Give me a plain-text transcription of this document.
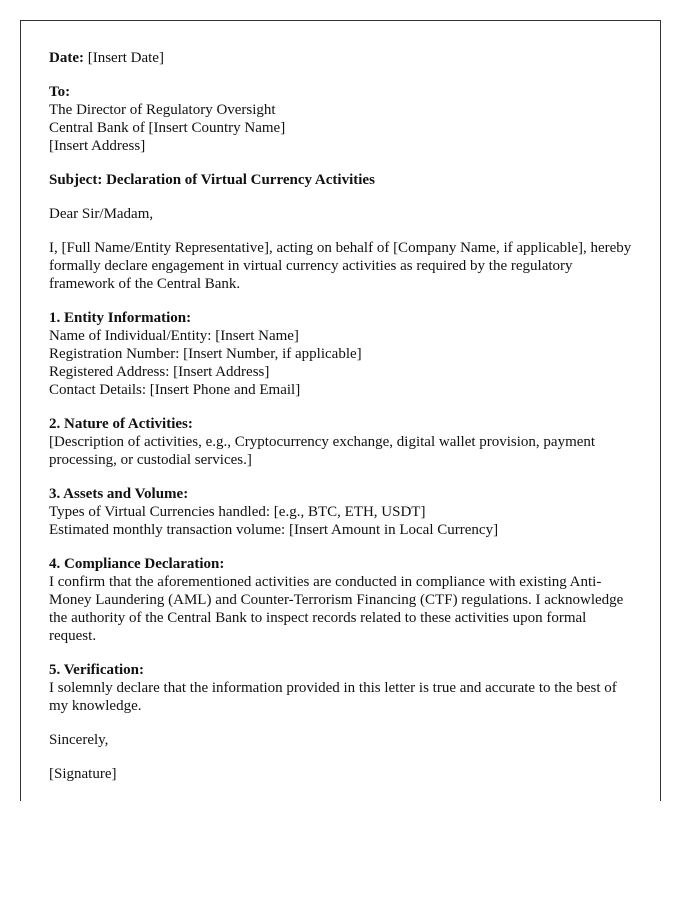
Date: [Insert Date]

To:
The Director of Regulatory Oversight
Central Bank of [Insert Country Name]
[Insert Address]

Subject: Declaration of Virtual Currency Activities

Dear Sir/Madam,

I, [Full Name/Entity Representative], acting on behalf of [Company Name, if applicable], hereby formally declare engagement in virtual currency activities as required by the regulatory framework of the Central Bank.

1. Entity Information:
Name of Individual/Entity: [Insert Name]
Registration Number: [Insert Number, if applicable]
Registered Address: [Insert Address]
Contact Details: [Insert Phone and Email]

2. Nature of Activities:
[Description of activities, e.g., Cryptocurrency exchange, digital wallet provision, payment processing, or custodial services.]

3. Assets and Volume:
Types of Virtual Currencies handled: [e.g., BTC, ETH, USDT]
Estimated monthly transaction volume: [Insert Amount in Local Currency]

4. Compliance Declaration:
I confirm that the aforementioned activities are conducted in compliance with existing Anti-Money Laundering (AML) and Counter-Terrorism Financing (CTF) regulations. I acknowledge the authority of the Central Bank to inspect records related to these activities upon formal request.

5. Verification:
I solemnly declare that the information provided in this letter is true and accurate to the best of my knowledge.

Sincerely,

[Signature]
